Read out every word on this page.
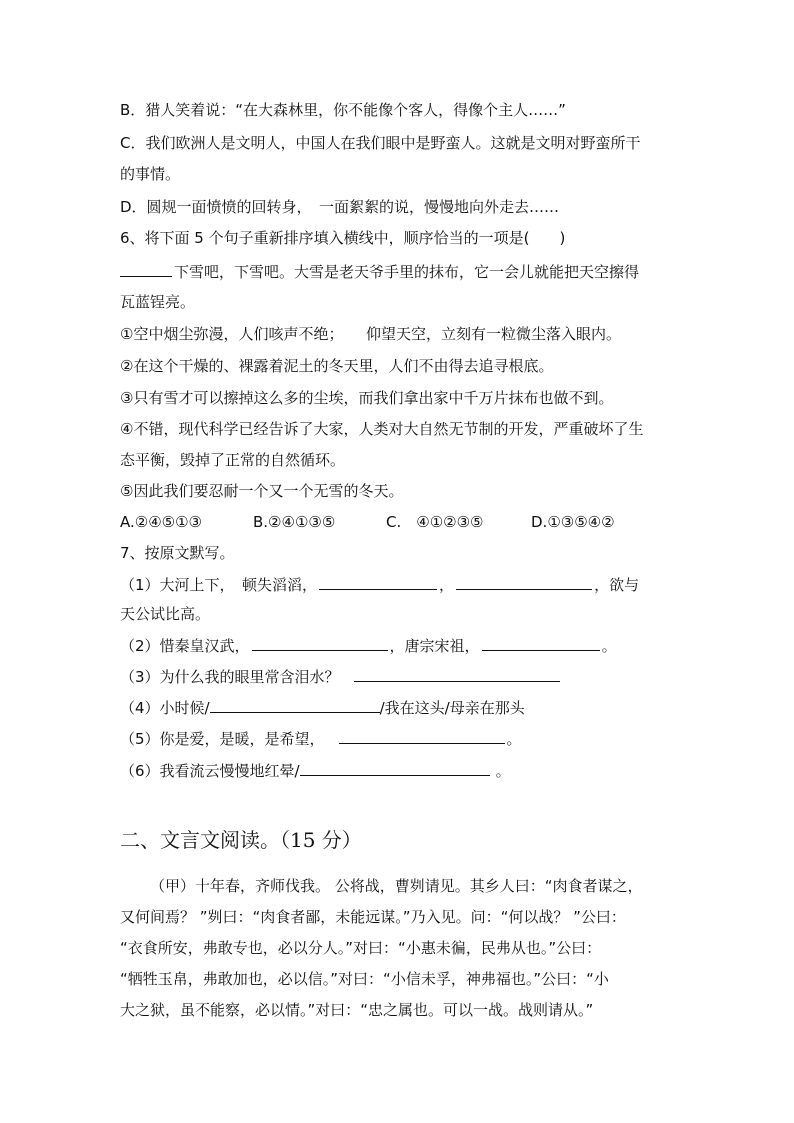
B．猎人笑着说：“在大森林里，你不能像个客人，得像个主人……”
C．我们欧洲人是文明人，中国人在我们眼中是野蛮人。这就是文明对野蛮所干
的事情。
D．圆规一面愤愤的回转身，　一面絮絮的说，慢慢地向外走去……
6、将下面 5 个句子重新排序填入横线中，顺序恰当的一项是(　　)
下雪吧，下雪吧。大雪是老天爷手里的抹布，它一会儿就能把天空擦得
瓦蓝锃亮。
①空中烟尘弥漫，人们咳声不绝；　　仰望天空，立刻有一粒微尘落入眼内。
②在这个干燥的、裸露着泥土的冬天里，人们不由得去追寻根底。
③只有雪才可以擦掉这么多的尘埃，而我们拿出家中千万片抹布也做不到。
④不错，现代科学已经告诉了大家，人类对大自然无节制的开发，严重破坏了生
态平衡，毁掉了正常的自然循环。
⑤因此我们要忍耐一个又一个无雪的冬天。
A.②④⑤①③	B.②④①③⑤	C.　④①②③⑤	D.①③⑤④②
7、按原文默写。
（1）大河上下，　顿失滔滔，	，	，欲与
天公试比高。
（2）惜秦皇汉武，	，唐宗宋祖，	。
（3）为什么我的眼里常含泪水？
（4）小时候/	/我在这头/母亲在那头
（5）你是爱，是暖，是希望，	。
（6）我看流云慢慢地红晕/	。
二、文言文阅读。（15 分）
（甲）十年春，齐师伐我。 公将战，曹刿请见。其乡人曰：“肉食者谋之，
又何间焉？ ”刿曰：“肉食者鄙，未能远谋。”乃入见。问：“何以战？ ”公曰：
“衣食所安，弗敢专也，必以分人。”对曰：“小惠未徧，民弗从也。”公曰：
“牺牲玉帛，弗敢加也，必以信。”对曰：“小信未孚，神弗福也。”公曰：“小
大之狱，虽不能察，必以情。”对曰：“忠之属也。可以一战。战则请从。”
